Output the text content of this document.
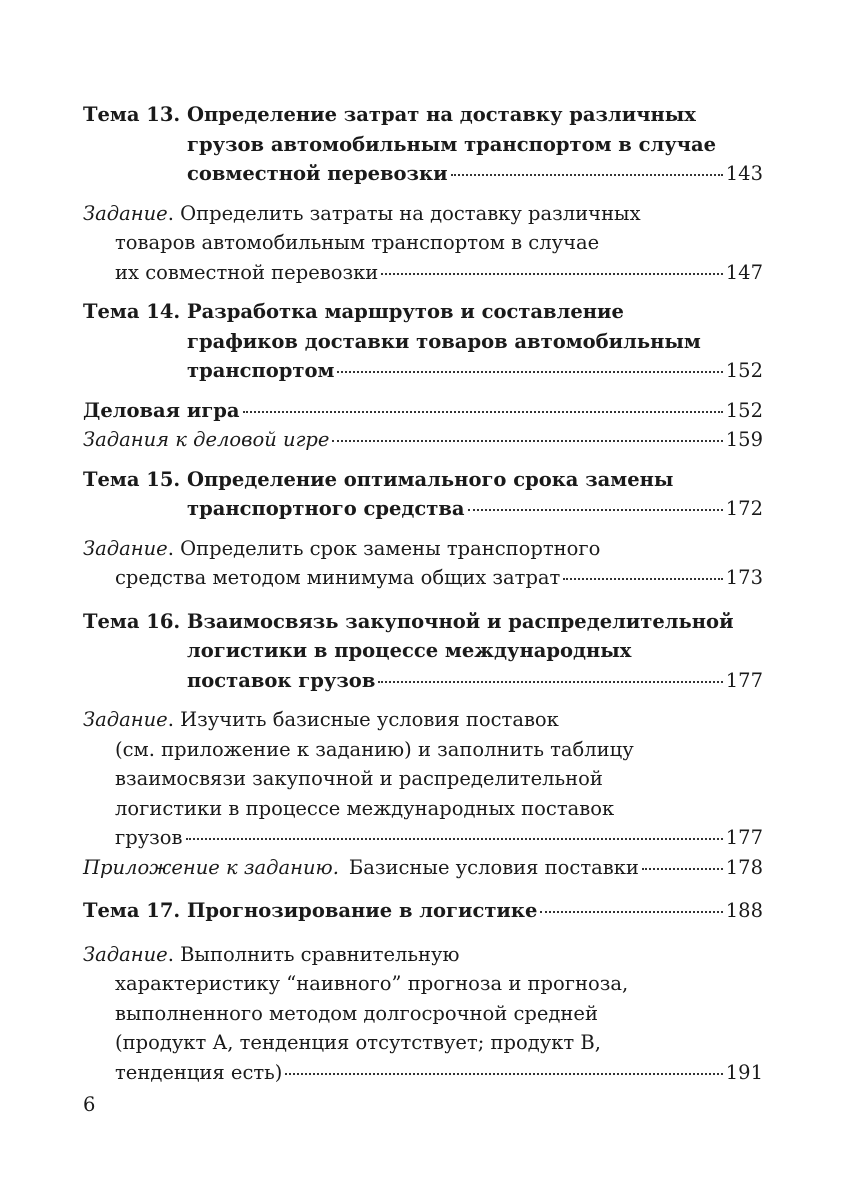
Тема 13. Определение затрат на доставку различных
грузов автомобильным транспортом в случае
совместной перевозки	143
Задание . Определить затраты на доставку различных
товаров автомобильным транспортом в случае
их совместной перевозки	147
Тема 14. Разработка маршрутов и составление
графиков доставки товаров автомобильным
транспортом	152
Деловая игра	152
Задания к деловой игре	159
Тема 15. Определение оптимального срока замены
транспортного средства	172
Задание . Определить срок замены транспортного
средства методом минимума общих затрат	173
Тема 16. Взаимосвязь закупочной и распределительной
логистики в процессе международных
поставок грузов	177
Задание . Изучить базисные условия поставок
(см. приложение к заданию) и заполнить таблицу
взаимосвязи закупочной и распределительной
логистики в процессе международных поставок
грузов	177
Приложение к заданию. Базисные условия поставки	178
Тема 17. Прогнозирование в логистике	188
Задание . Выполнить сравнительную
характеристику “наивного” прогноза и прогноза,
выполненного методом долгосрочной средней
(продукт А, тенденция отсутствует; продукт В,
тенденция есть)	191
6
